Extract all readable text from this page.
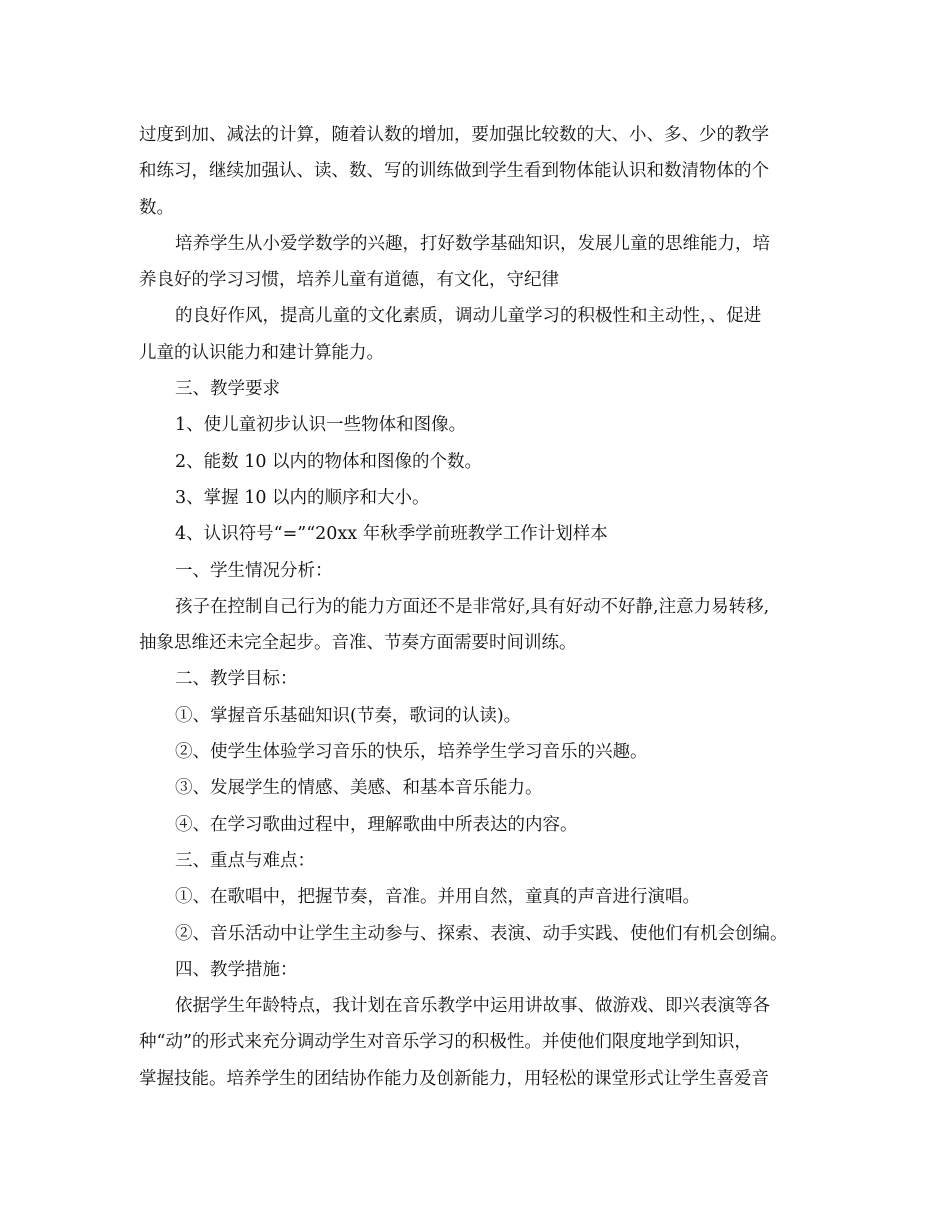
过度到加、减法的计算，随着认数的增加，要加强比较数的大、小、多、少的教学
和练习，继续加强认、读、数、写的训练做到学生看到物体能认识和数清物体的个
数。
培养学生从小爱学数学的兴趣，打好数学基础知识，发展儿童的思维能力，培
养良好的学习习惯，培养儿童有道德，有文化，守纪律
的良好作风，提高儿童的文化素质，调动儿童学习的积极性和主动性，、促进
儿童的认识能力和建计算能力。
三、教学要求
1、使儿童初步认识一些物体和图像。
2、能数 10 以内的物体和图像的个数。
3、掌握 10 以内的顺序和大小。
4、认识符号“=”“20xx 年秋季学前班教学工作计划样本
一、学生情况分析：
孩子在控制自己行为的能力方面还不是非常好,具有好动不好静,注意力易转移,
抽象思维还未完全起步。音准、节奏方面需要时间训练。
二、教学目标：
①、掌握音乐基础知识(节奏，歌词的认读)。
②、使学生体验学习音乐的快乐，培养学生学习音乐的兴趣。
③、发展学生的情感、美感、和基本音乐能力。
④、在学习歌曲过程中，理解歌曲中所表达的内容。
三、重点与难点：
①、在歌唱中，把握节奏，音准。并用自然，童真的声音进行演唱。
②、音乐活动中让学生主动参与、探索、表演、动手实践、使他们有机会创编。
四、教学措施：
依据学生年龄特点，我计划在音乐教学中运用讲故事、做游戏、即兴表演等各
种“动”的形式来充分调动学生对音乐学习的积极性。并使他们限度地学到知识，
掌握技能。培养学生的团结协作能力及创新能力，用轻松的课堂形式让学生喜爱音
